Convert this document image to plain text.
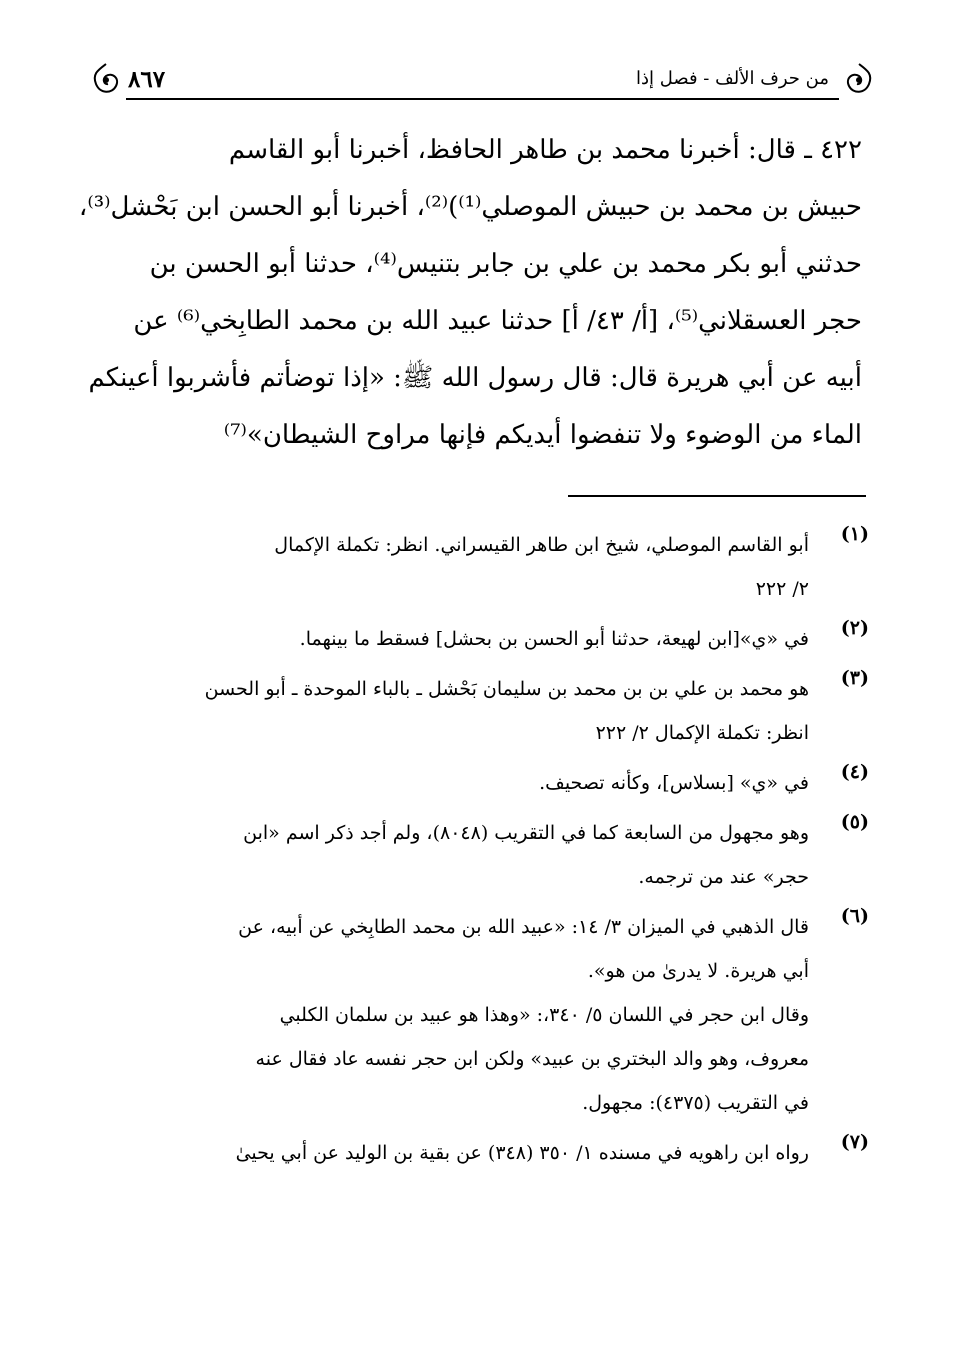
من حرف الألف - فصل إذا
٨٦٧
٤٢٢ ـ قال: أخبرنا محمد بن طاهر الحافظ، أخبرنا أبو القاسم
حبيش بن محمد بن حبيش الموصلي⁽¹⁾)⁽²⁾، أخبرنا أبو الحسن ابن بَحْشل⁽³⁾،
حدثني أبو بكر محمد بن علي بن جابر بتنيس⁽⁴⁾، حدثنا أبو الحسن بن
حجر العسقلاني⁽⁵⁾، [أ/ ٤٣/ أ] حدثنا عبيد الله بن محمد الطابِخي⁽⁶⁾ عن
أبيه عن أبي هريرة قال: قال رسول الله ﷺ: «إذا توضأتم فأشربوا أعينكم
الماء من الوضوء ولا تنفضوا أيديكم فإنها مراوح الشيطان»⁽⁷⁾
(١)
أبو القاسم الموصلي، شيخ ابن طاهر القيسراني. انظر: تكملة الإكمال
٢/ ٢٢٢
(٢)
في «ي»[ابن لهيعة، حدثنا أبو الحسن بن بحشل] فسقط ما بينهما.
(٣)
هو محمد بن علي بن بن محمد بن سليمان بَحْشل ـ بالباء الموحدة ـ أبو الحسن
انظر: تكملة الإكمال ٢/ ٢٢٢
(٤)
في «ي» [بسلاس]، وكأنه تصحيف.
(٥)
وهو مجهول من السابعة كما في التقريب (٨٠٤٨)، ولم أجد ذكر اسم «ابن
حجر» عند من ترجمه.
(٦)
قال الذهبي في الميزان ٣/ ١٤: «عبيد الله بن محمد الطابِخي عن أبيه، عن
أبي هريرة. لا يدرىٰ من هو».
وقال ابن حجر في اللسان ٥/ ٣٤٠،: «وهذا هو عبيد بن سلمان الكلبي
معروف، وهو والد البختري بن عبيد» ولكن ابن حجر نفسه عاد فقال عنه
في التقريب (٤٣٧٥): مجهول.
(٧)
رواه ابن راهويه في مسنده ١/ ٣٥٠ (٣٤٨) عن بقية بن الوليد عن أبي يحيىٰ
